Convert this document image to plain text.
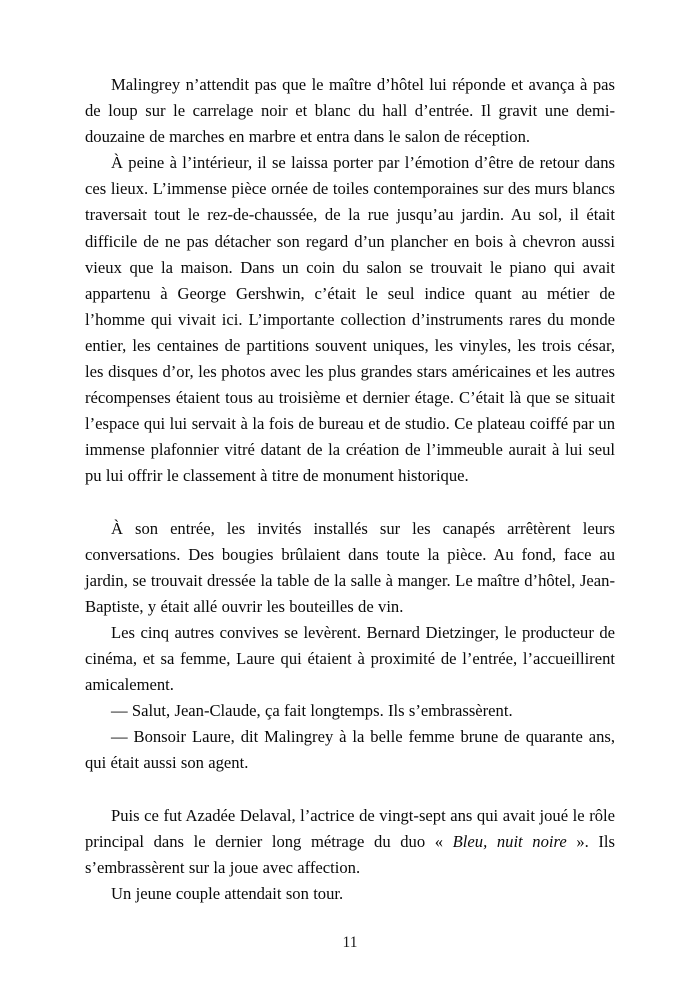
Malingrey n’attendit pas que le maître d’hôtel lui réponde et avança à pas de loup sur le carrelage noir et blanc du hall d’entrée. Il gravit une demi-douzaine de marches en marbre et entra dans le salon de réception.

À peine à l’intérieur, il se laissa porter par l’émotion d’être de retour dans ces lieux. L’immense pièce ornée de toiles contemporaines sur des murs blancs traversait tout le rez-de-chaussée, de la rue jusqu’au jardin. Au sol, il était difficile de ne pas détacher son regard d’un plancher en bois à chevron aussi vieux que la maison. Dans un coin du salon se trouvait le piano qui avait appartenu à George Gershwin, c’était le seul indice quant au métier de l’homme qui vivait ici. L’importante collection d’instruments rares du monde entier, les centaines de partitions souvent uniques, les vinyles, les trois césar, les disques d’or, les photos avec les plus grandes stars américaines et les autres récompenses étaient tous au troisième et dernier étage. C’était là que se situait l’espace qui lui servait à la fois de bureau et de studio. Ce plateau coiffé par un immense plafonnier vitré datant de la création de l’immeuble aurait à lui seul pu lui offrir le classement à titre de monument historique.

À son entrée, les invités installés sur les canapés arrêtèrent leurs conversations. Des bougies brûlaient dans toute la pièce. Au fond, face au jardin, se trouvait dressée la table de la salle à manger. Le maître d’hôtel, Jean-Baptiste, y était allé ouvrir les bouteilles de vin.

Les cinq autres convives se levèrent. Bernard Dietzinger, le producteur de cinéma, et sa femme, Laure qui étaient à proximité de l’entrée, l’accueillirent amicalement.

— Salut, Jean-Claude, ça fait longtemps. Ils s’embrassèrent.

— Bonsoir Laure, dit Malingrey à la belle femme brune de quarante ans, qui était aussi son agent.

Puis ce fut Azadée Delaval, l’actrice de vingt-sept ans qui avait joué le rôle principal dans le dernier long métrage du duo « Bleu, nuit noire ». Ils s’embrassèrent sur la joue avec affection.

Un jeune couple attendait son tour.

11
